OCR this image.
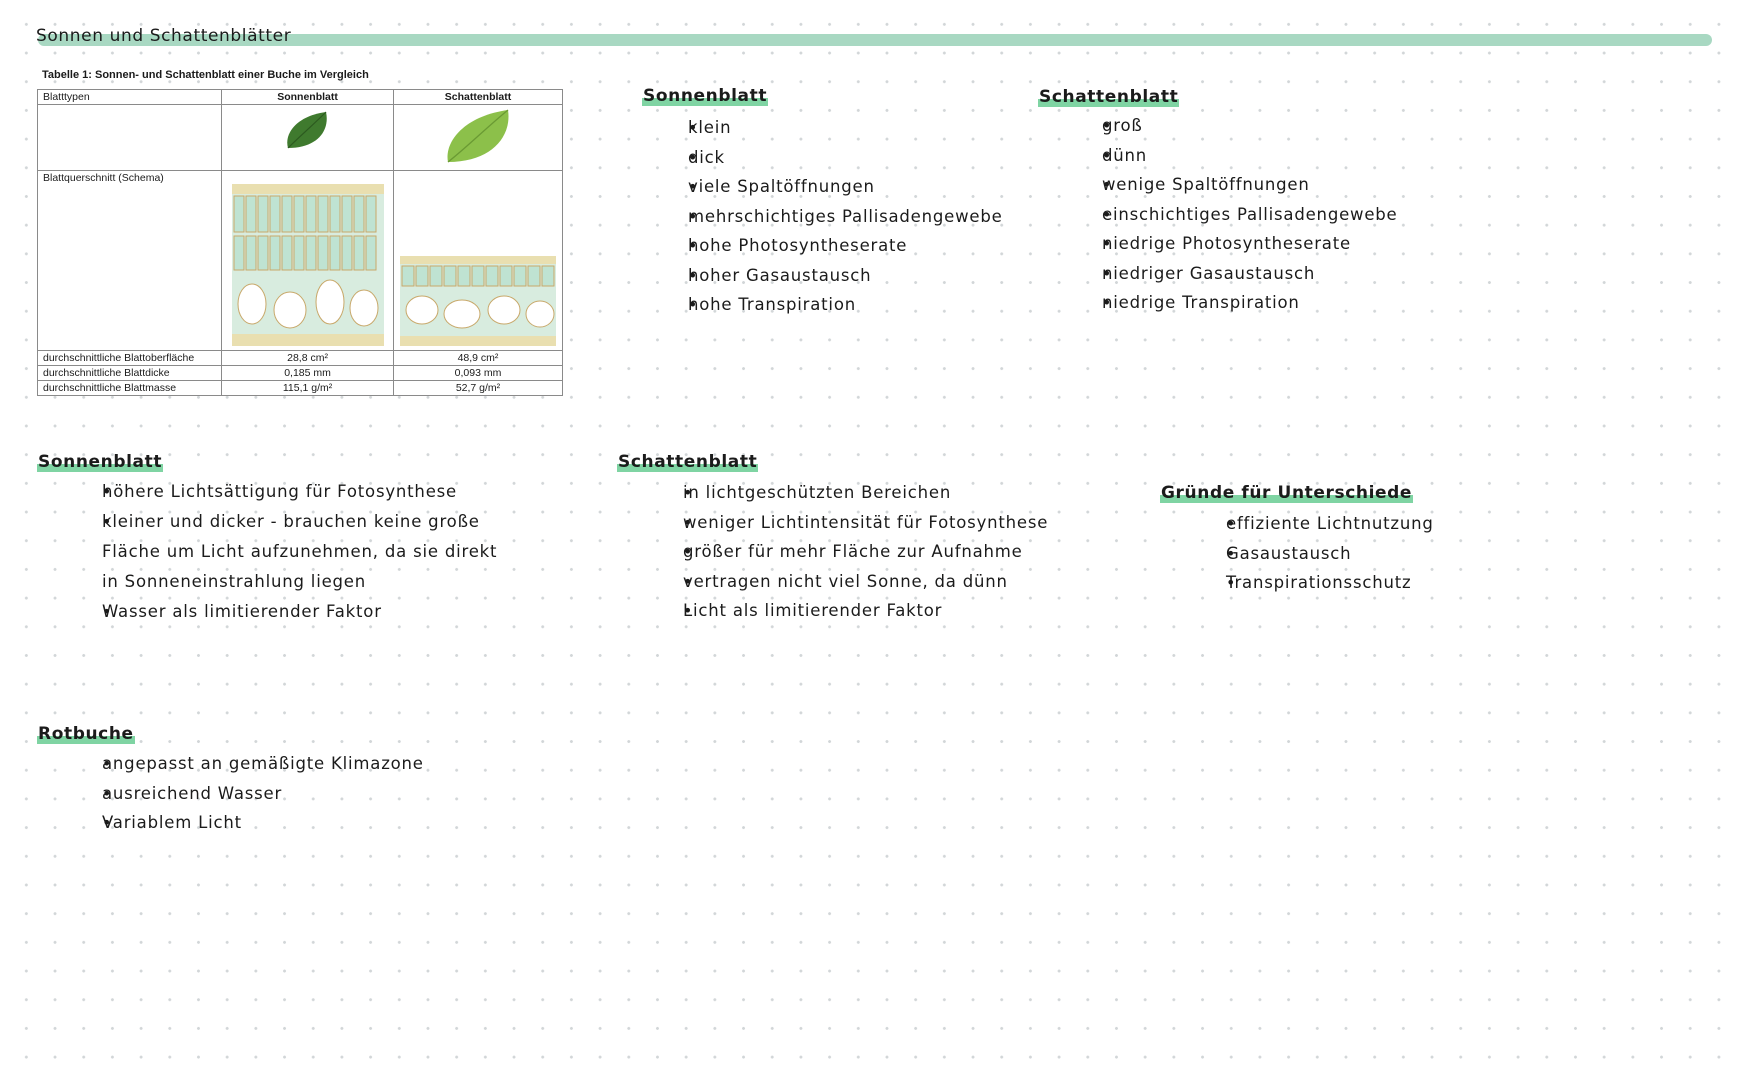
Sonnen und Schattenblätter
Tabelle 1: Sonnen- und Schattenblatt einer Buche im Vergleich
Blatttypen	Sonnenblatt	Schattenblatt

Blattquerschnitt (Schema)		
durchschnittliche Blattoberfläche	28,8 cm²	48,9 cm²
durchschnittliche Blattdicke	0,185 mm	0,093 mm
durchschnittliche Blattmasse	115,1 g/m²	52,7 g/m²
Sonnenblatt
• klein
• dick
• viele Spaltöffnungen
• mehrschichtiges Pallisadengewebe
• hohe Photosyntheserate
• hoher Gasaustausch
• hohe Transpiration
Schattenblatt
• groß
• dünn
• wenige Spaltöffnungen
• einschichtiges Pallisadengewebe
• niedrige Photosyntheserate
• niedriger Gasaustausch
• niedrige Transpiration
Sonnenblatt
• höhere Lichtsättigung für Fotosynthese
• kleiner und dicker - brauchen keine große
Fläche um Licht aufzunehmen, da sie direkt
in Sonneneinstrahlung liegen
• Wasser als limitierender Faktor
Schattenblatt
• in lichtgeschützten Bereichen
• weniger Lichtintensität für Fotosynthese
• größer für mehr Fläche zur Aufnahme
• vertragen nicht viel Sonne, da dünn
• Licht als limitierender Faktor
Gründe für Unterschiede
• effiziente Lichtnutzung
• Gasaustausch
• Transpirationsschutz
Rotbuche
• angepasst an gemäßigte Klimazone
• ausreichend Wasser
• Variablem Licht
